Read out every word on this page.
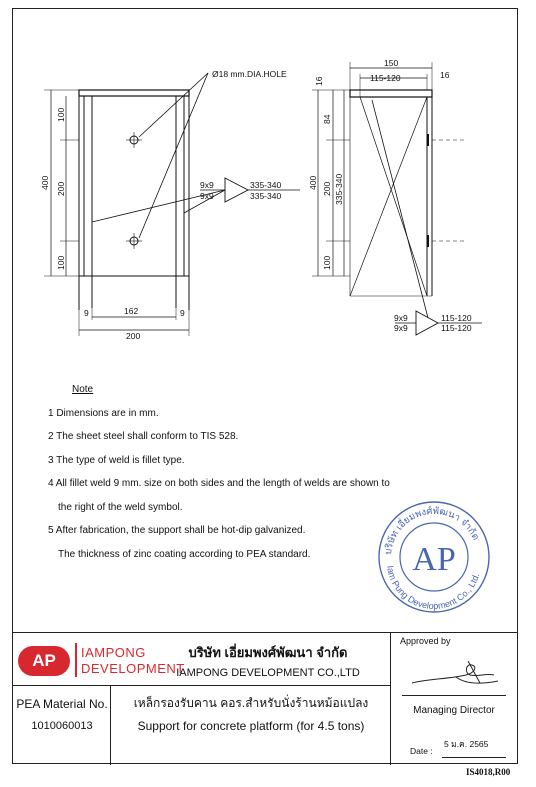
Ø18 mm.DIA.HOLE
9x9
9x9
335-340
335-340
400
100
200
100
162
200
9	9
150
115-120
16
16
400
84
200
100
335-340
9x9
9x9
115-120
115-120
Note
1 Dimensions are in mm.
2 The sheet steel shall conform to TIS 528.
3 The type of weld is fillet type.
4 All fillet weld 9 mm. size on both sides and the length of welds are shown to
the right of the weld symbol.
5 After fabrication, the support shall be hot-dip galvanized.
The thickness of zinc coating according to PEA standard.	บริษัท เอี่ยมพงศ์พัฒนา จำกัด
Iam Pung Development Co., Ltd.
AP
AP	IAMPONG
DEVELOPMENT
บริษัท เอี่ยมพงศ์พัฒนา จำกัด
IAMPONG DEVELOPMENT CO.,LTD
Approved by
PEA Material No.
1010060013
เหล็กรองรับคาน คอร.สำหรับนั่งร้านหม้อแปลง
Support for concrete platform (for 4.5 tons)
Managing Director
5 ม.ค. 2565
Date :
IS4018,R00
